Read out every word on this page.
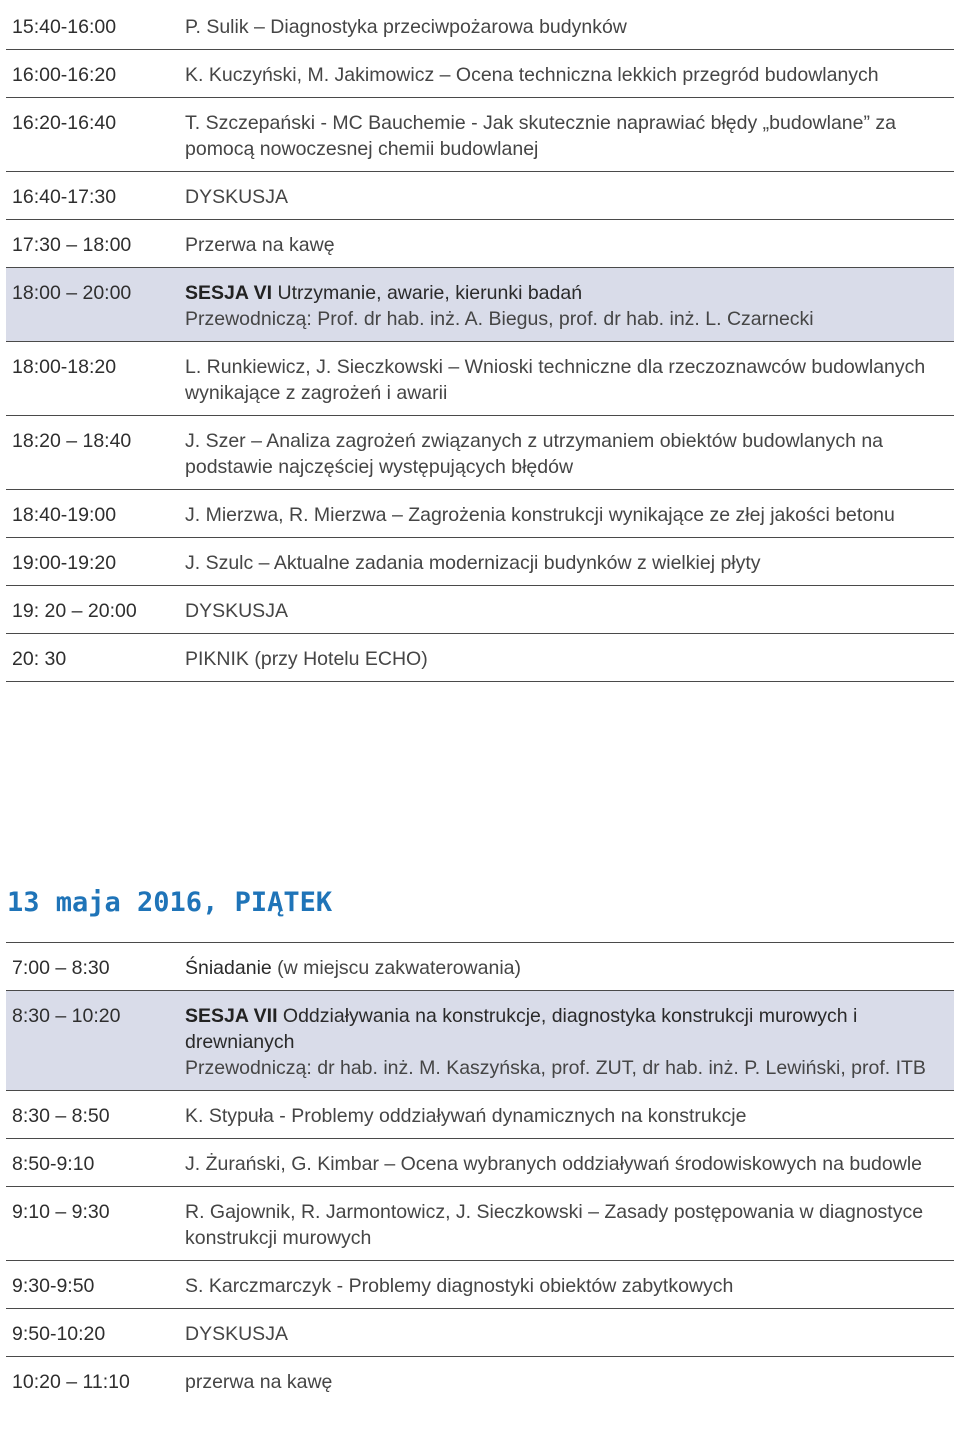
15:40-16:00	P. Sulik – Diagnostyka przeciwpożarowa budynków
16:00-16:20	K. Kuczyński, M. Jakimowicz – Ocena techniczna lekkich przegród budowlanych
16:20-16:40	T. Szczepański - MC Bauchemie - Jak skutecznie naprawiać błędy „budowlane” za pomocą nowoczesnej chemii budowlanej
16:40-17:30	DYSKUSJA
17:30 – 18:00	Przerwa na kawę
18:00 – 20:00	SESJA VI Utrzymanie, awarie, kierunki badań
Przewodniczą: Prof. dr hab. inż. A. Biegus, prof. dr hab. inż. L. Czarnecki
18:00-18:20	L. Runkiewicz, J. Sieczkowski – Wnioski techniczne dla rzeczoznawców budowlanych wynikające z zagrożeń i awarii
18:20 – 18:40	J. Szer – Analiza zagrożeń związanych z utrzymaniem obiektów budowlanych na podstawie najczęściej występujących błędów
18:40-19:00	J. Mierzwa, R. Mierzwa – Zagrożenia konstrukcji wynikające ze złej jakości betonu
19:00-19:20	J. Szulc – Aktualne zadania modernizacji budynków z wielkiej płyty
19: 20 – 20:00	DYSKUSJA
20: 30	PIKNIK (przy Hotelu ECHO)
13 maja 2016, PIĄTEK
7:00 – 8:30	Śniadanie (w miejscu zakwaterowania)
8:30 – 10:20	SESJA VII Oddziaływania na konstrukcje, diagnostyka konstrukcji murowych i drewnianych
Przewodniczą: dr hab. inż. M. Kaszyńska, prof. ZUT, dr hab. inż. P. Lewiński, prof. ITB
8:30 – 8:50	K. Stypuła - Problemy oddziaływań dynamicznych na konstrukcje
8:50-9:10	J. Żurański, G. Kimbar – Ocena wybranych oddziaływań środowiskowych na budowle
9:10 – 9:30	R. Gajownik, R. Jarmontowicz, J. Sieczkowski – Zasady postępowania w diagnostyce konstrukcji murowych
9:30-9:50	S. Karczmarczyk - Problemy diagnostyki obiektów zabytkowych
9:50-10:20	DYSKUSJA
10:20 – 11:10	przerwa na kawę
